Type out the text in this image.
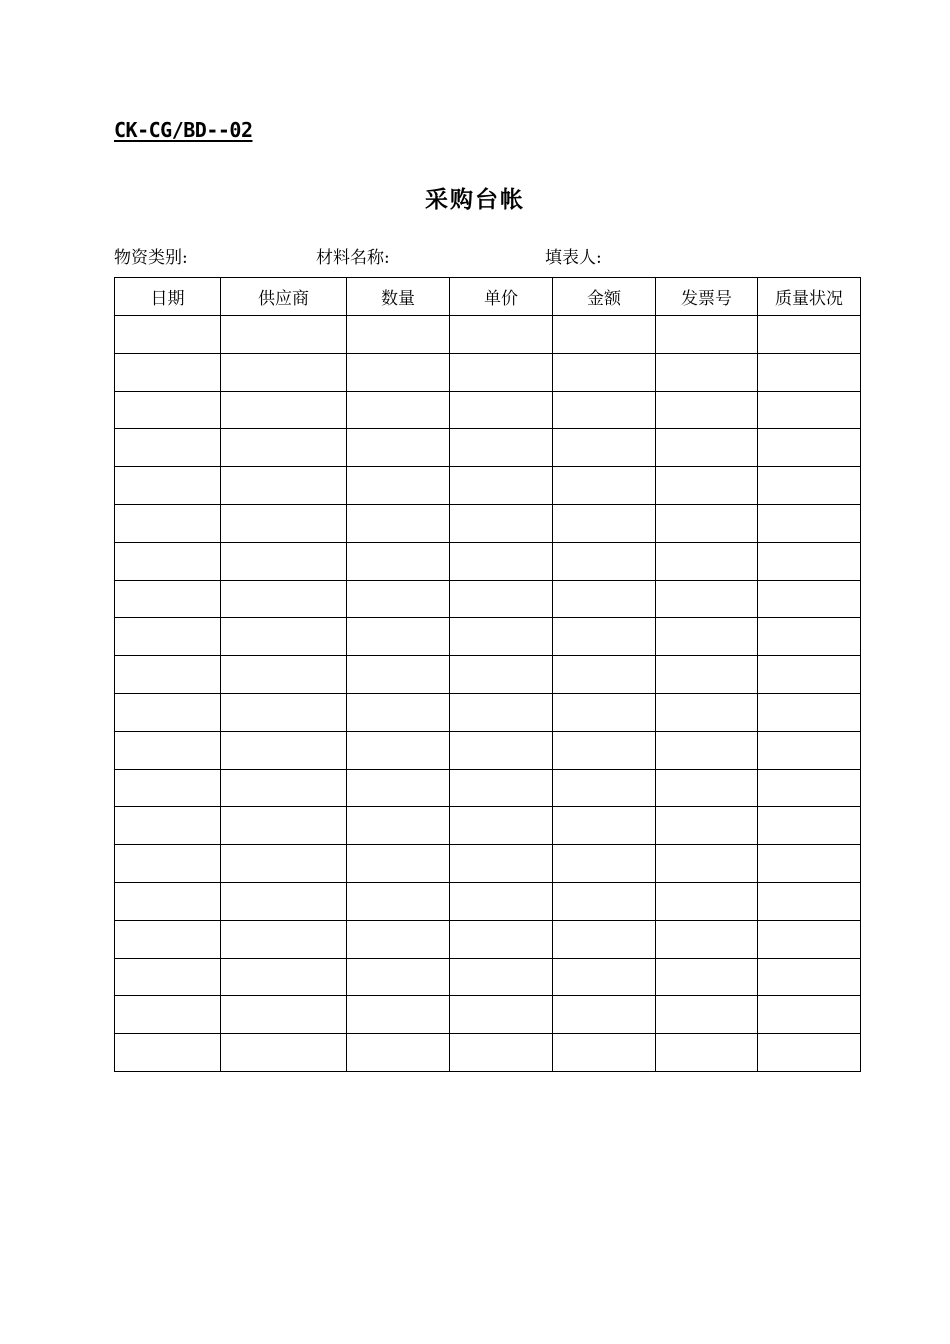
CK-CG/BD--02
采购台帐
物资类别:	材料名称:	填表人:
日期	供应商	数量	单价	金额	发票号	质量状况
